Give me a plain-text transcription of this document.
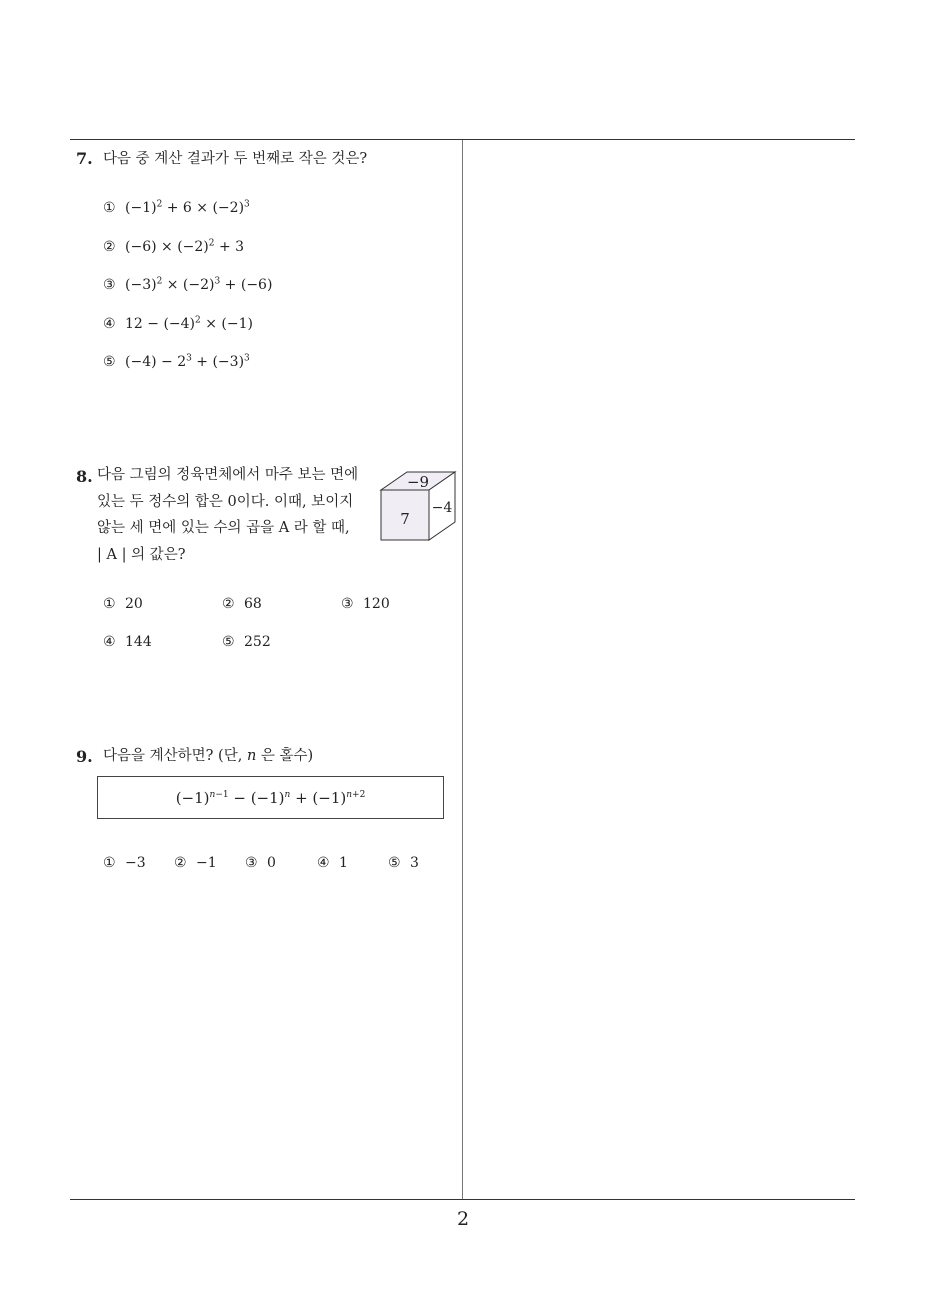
7. 다음 중 계산 결과가 두 번째로 작은 것은?
① $(-1)^2 + 6 \times (-2)^3$
② $(-6) \times (-2)^2 + 3$
③ $(-3)^2 \times (-2)^3 + (-6)$
④ $12 - (-4)^2 \times (-1)$
⑤ $(-4) - 2^3 + (-3)^3$
8. 다음 그림의 정육면체에서 마주 보는 면에
있는 두 정수의 합은 0이다. 이때, 보이지
않는 세 면에 있는 수의 곱을 A 라 할 때,
| A | 의 값은?
−9
7
−4
① 20	② 68	③ 120
④ 144	⑤ 252
9. 다음을 계산하면? (단, n 은 홀수)
$(-1)^{n-1} - (-1)^n + (-1)^{n+2}$
① −3 ② −1 ③ 0	④ 1	⑤ 3
2
